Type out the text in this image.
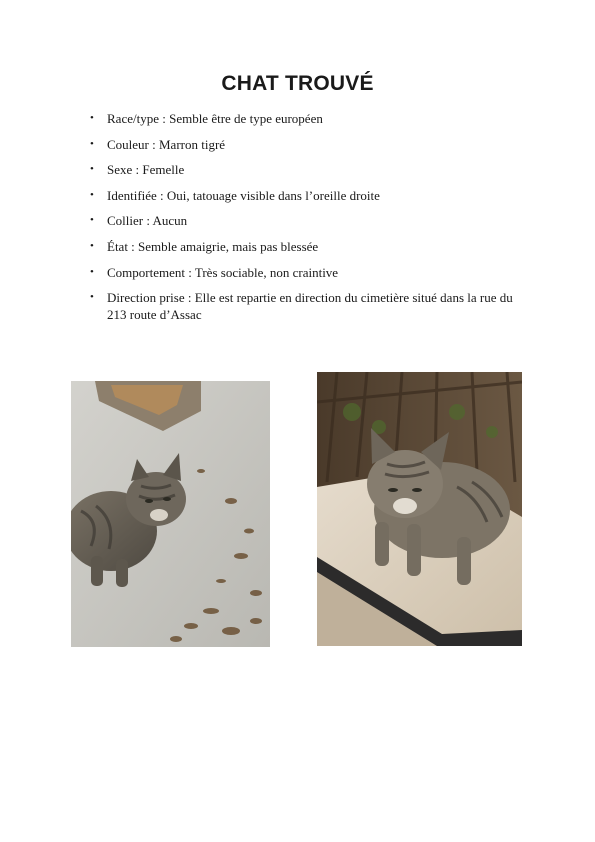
CHAT TROUVÉ
• Race/type : Semble être de type européen
• Couleur : Marron tigré
• Sexe : Femelle
• Identifiée : Oui, tatouage visible dans l’oreille droite
• Collier : Aucun
• État : Semble amaigrie, mais pas blessée
• Comportement : Très sociable, non craintive
• Direction prise : Elle est repartie en direction du cimetière situé dans la rue du 213 route d’Assac
